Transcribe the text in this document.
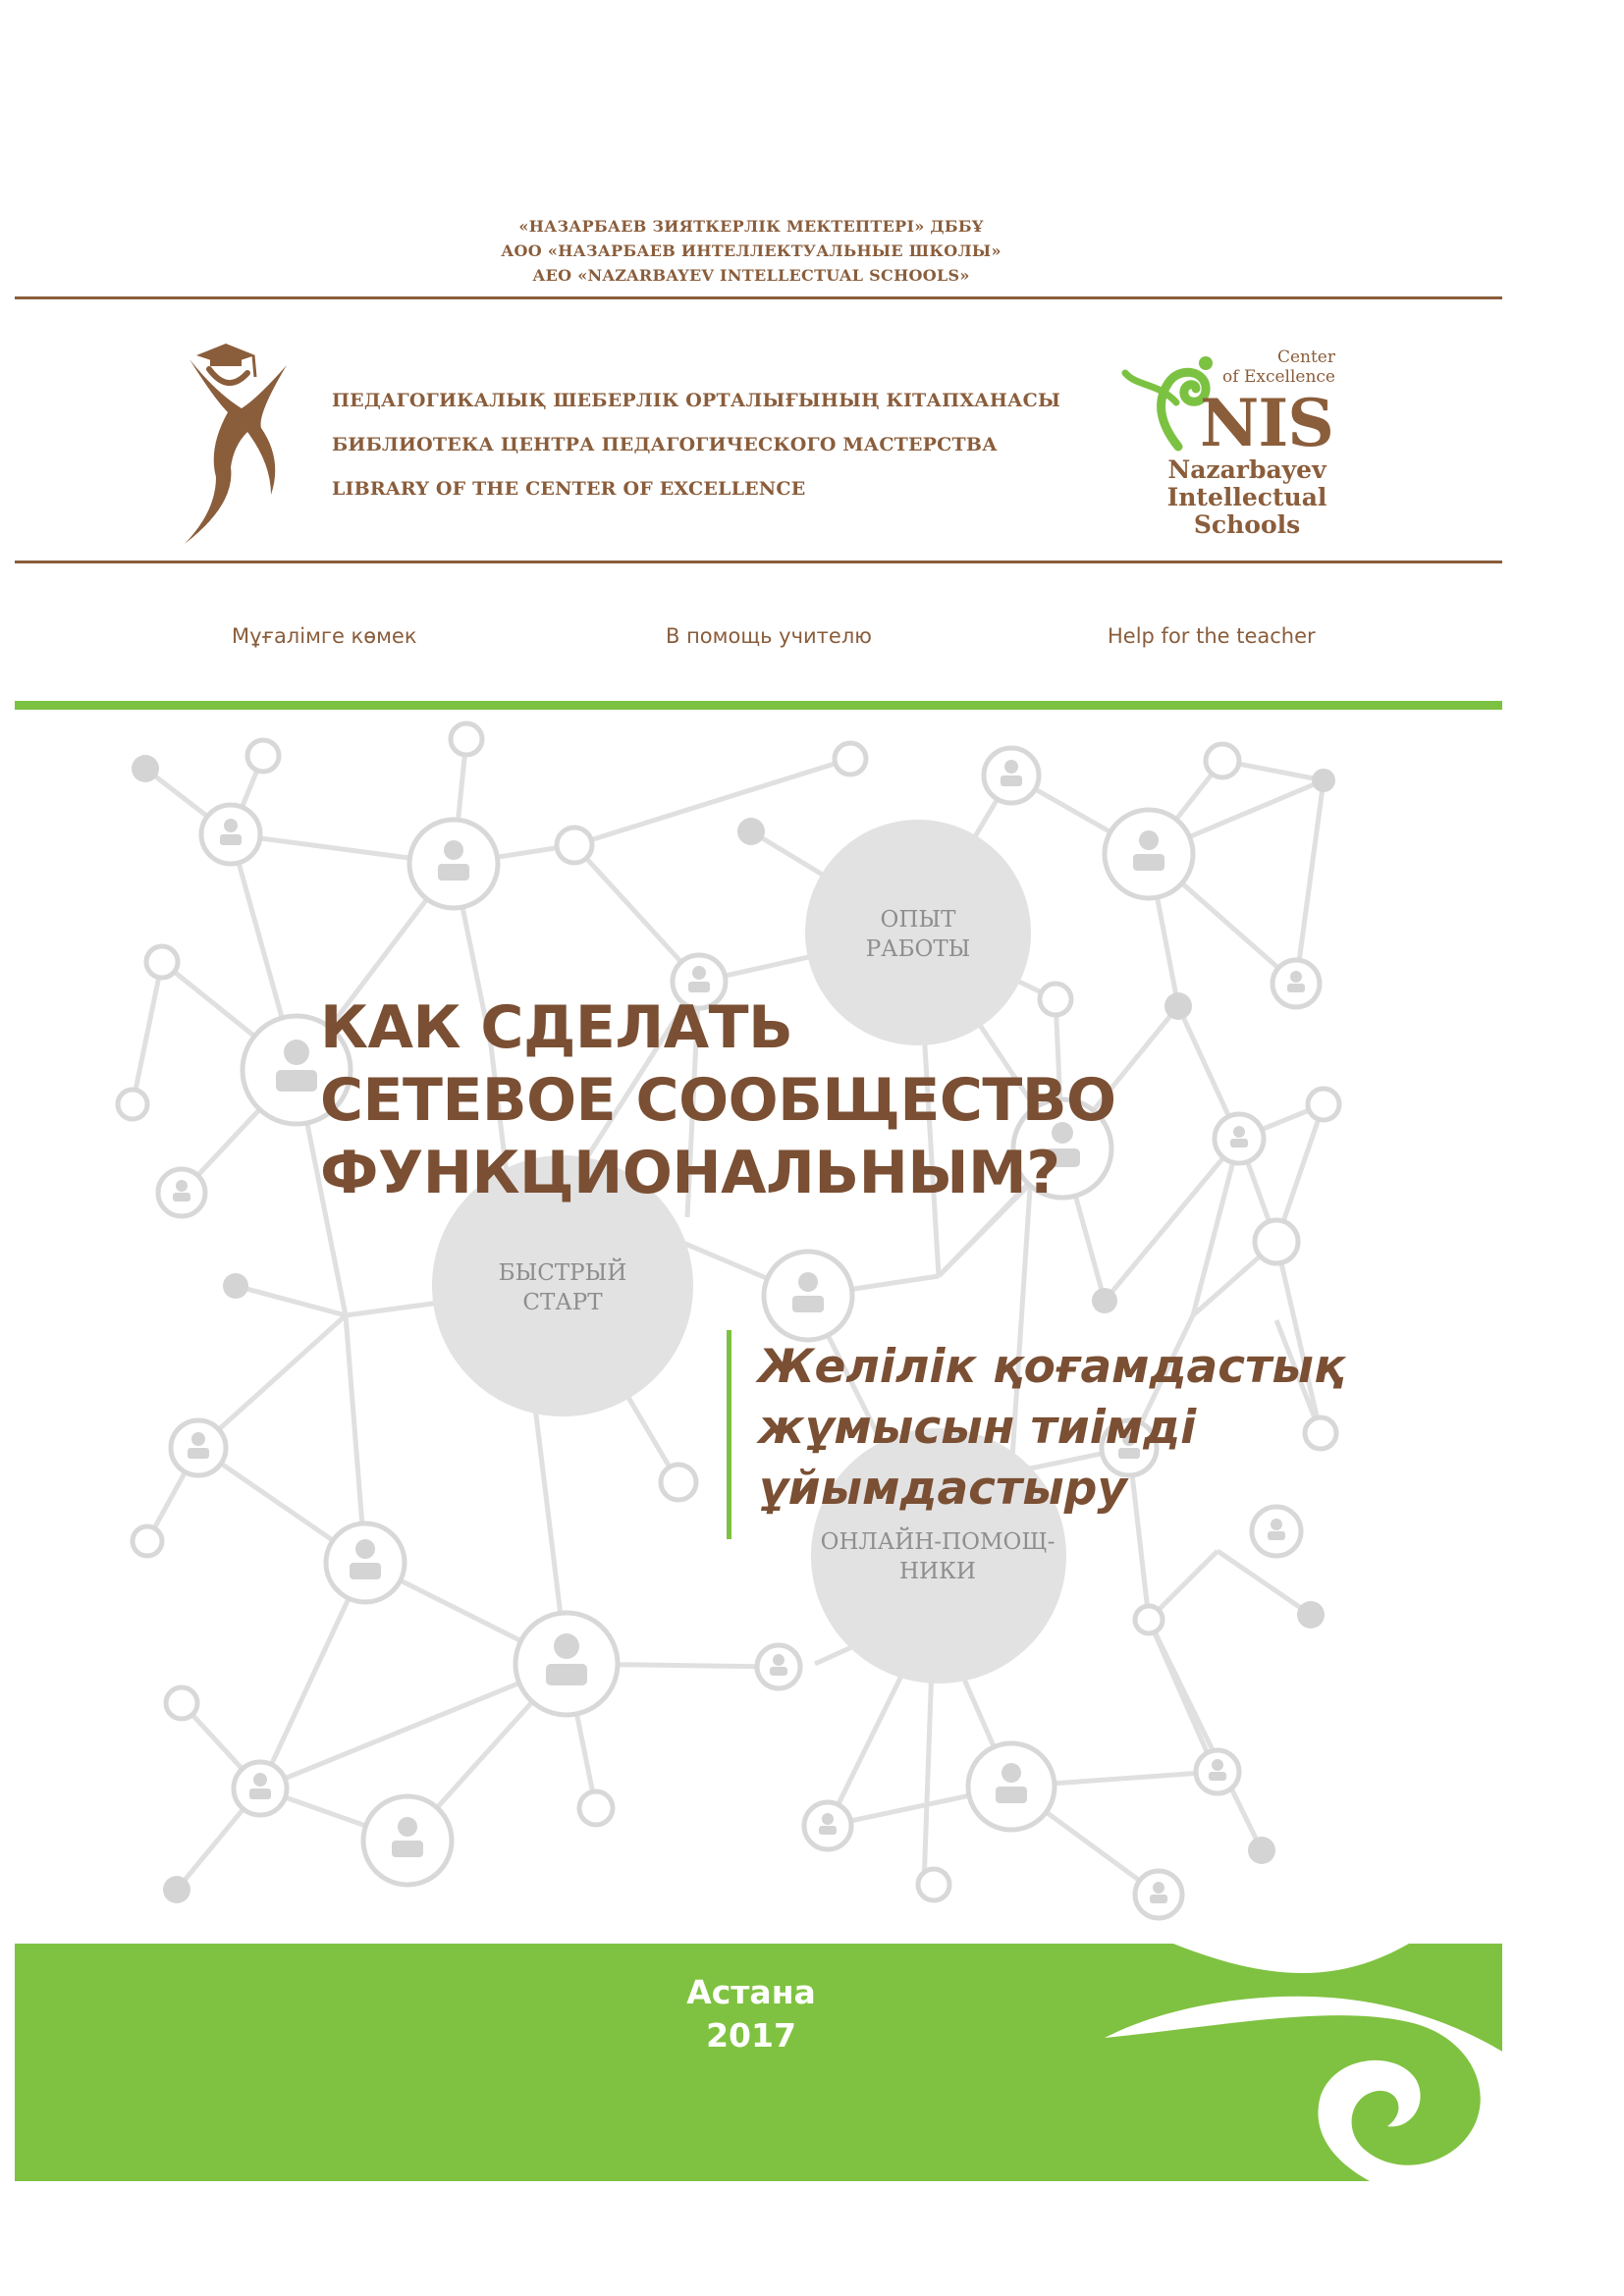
«НАЗАРБАЕВ ЗИЯТКЕРЛІК МЕКТЕПТЕРІ» ДББҰ
АОО «НАЗАРБАЕВ ИНТЕЛЛЕКТУАЛЬНЫЕ ШКОЛЫ»
АЕО «NAZARBAYEV INTELLECTUAL SCHOOLS»
ПЕДАГОГИКАЛЫҚ ШЕБЕРЛІК ОРТАЛЫҒЫНЫҢ КІТАПХАНАСЫ
БИБЛИОТЕКА ЦЕНТРА ПЕДАГОГИЧЕСКОГО МАСТЕРСТВА
LIBRARY OF THE CENTER OF EXCELLENCE
Center
of Excellence
NIS
Nazarbayev
Intellectual
Schools
Мұғалімге көмек	В помощь учителю	Help for the teacher
ОПЫТ
РАБОТЫ
БЫСТРЫЙ
СТАРТ
ОНЛАЙН-ПОМОЩ-
НИКИ
КАК СДЕЛАТЬ
СЕТЕВОЕ СООБЩЕСТВО
ФУНКЦИОНАЛЬНЫМ?
Желілік қоғамдастық
жұмысын тиімді
ұйымдастыру
Астана
2017
